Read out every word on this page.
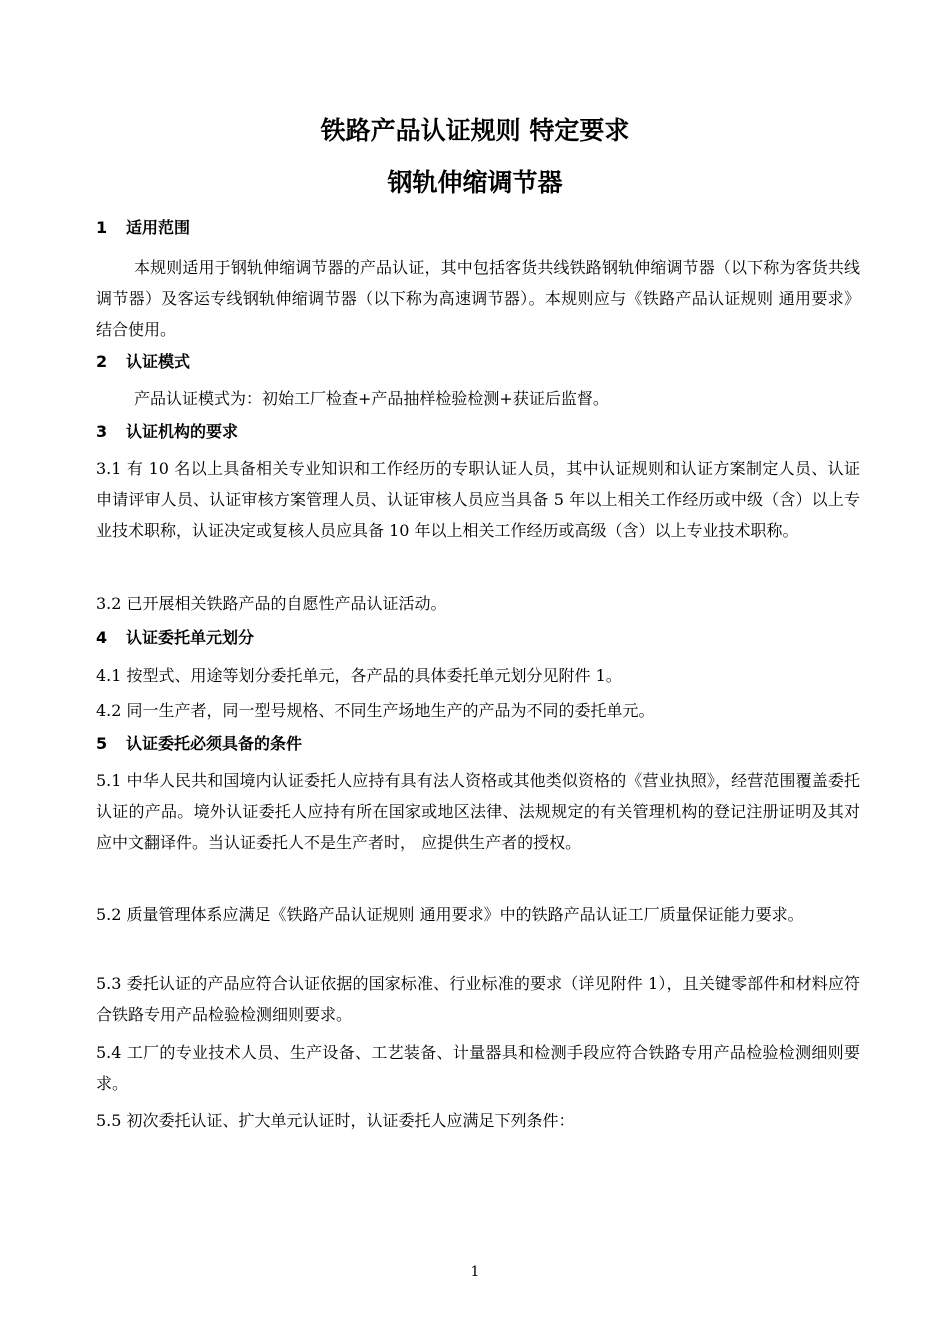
铁路产品认证规则 特定要求
钢轨伸缩调节器
1 适用范围
本规则适用于钢轨伸缩调节器的产品认证，其中包括客货共线铁路钢轨伸缩调节器（以下称为客货共线调节器）及客运专线钢轨伸缩调节器（以下称为高速调节器）。本规则应与《铁路产品认证规则 通用要求》结合使用。
2 认证模式
产品认证模式为：初始工厂检查+产品抽样检验检测+获证后监督。
3 认证机构的要求
3.1 有 10 名以上具备相关专业知识和工作经历的专职认证人员，其中认证规则和认证方案制定人员、认证申请评审人员、认证审核方案管理人员、认证审核人员应当具备 5 年以上相关工作经历或中级（含）以上专业技术职称，认证决定或复核人员应具备 10 年以上相关工作经历或高级（含）以上专业技术职称。
3.2 已开展相关铁路产品的自愿性产品认证活动。
4 认证委托单元划分
4.1 按型式、用途等划分委托单元，各产品的具体委托单元划分见附件 1。
4.2 同一生产者，同一型号规格、不同生产场地生产的产品为不同的委托单元。
5 认证委托必须具备的条件
5.1 中华人民共和国境内认证委托人应持有具有法人资格或其他类似资格的《营业执照》，经营范围覆盖委托认证的产品。境外认证委托人应持有所在国家或地区法律、法规规定的有关管理机构的登记注册证明及其对应中文翻译件。当认证委托人不是生产者时， 应提供生产者的授权。
5.2 质量管理体系应满足《铁路产品认证规则 通用要求》中的铁路产品认证工厂质量保证能力要求。
5.3 委托认证的产品应符合认证依据的国家标准、行业标准的要求（详见附件 1），且关键零部件和材料应符合铁路专用产品检验检测细则要求。
5.4 工厂的专业技术人员、生产设备、工艺装备、计量器具和检测手段应符合铁路专用产品检验检测细则要求。
5.5 初次委托认证、扩大单元认证时，认证委托人应满足下列条件：
1
